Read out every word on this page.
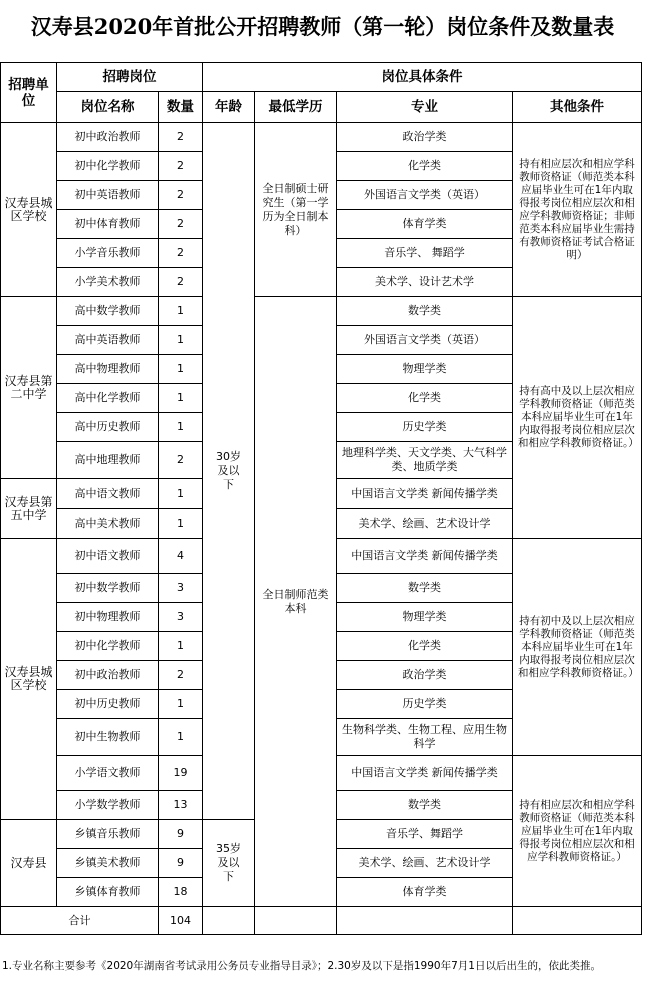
汉寿县2020年首批公开招聘教师（第一轮）岗位条件及数量表
招聘单位	招聘岗位		岗位具体条件			
	岗位名称	数量	年龄	最低学历	专业	其他条件
汉寿县城区学校	初中政治教师	2	30岁及以下	全日制硕士研究生（第一学历为全日制本科）	政治学类	持有相应层次和相应学科教师资格证（师范类本科应届毕业生可在1年内取得报考岗位相应层次和相应学科教师资格证；非师范类本科应届毕业生需持有教师资格证考试合格证明）
	初中化学教师	2			化学类	
	初中英语教师	2			外国语言文学类（英语）	
	初中体育教师	2			体育学类	
	小学音乐教师	2			音乐学、 舞蹈学	
	小学美术教师	2			美术学、设计艺术学	
汉寿县第二中学	高中数学教师	1		全日制师范类本科	数学类	持有高中及以上层次相应学科教师资格证（师范类本科应届毕业生可在1年内取得报考岗位相应层次和相应学科教师资格证。）
	高中英语教师	1			外国语言文学类（英语）	
	高中物理教师	1			物理学类	
	高中化学教师	1			化学类	
	高中历史教师	1			历史学类	
	高中地理教师	2			地理科学类、天文学类、大气科学类、地质学类	
汉寿县第五中学	高中语文教师	1			中国语言文学类 新闻传播学类	
	高中美术教师	1			美术学、绘画、艺术设计学	
汉寿县城区学校	初中语文教师	4			中国语言文学类 新闻传播学类	持有初中及以上层次相应学科教师资格证（师范类本科应届毕业生可在1年内取得报考岗位相应层次和相应学科教师资格证。）
	初中数学教师	3			数学类	
	初中物理教师	3			物理学类	
	初中化学教师	1			化学类	
	初中政治教师	2			政治学类	
	初中历史教师	1			历史学类	
	初中生物教师	1			生物科学类、生物工程、应用生物科学	
	小学语文教师	19			中国语言文学类 新闻传播学类	持有相应层次和相应学科教师资格证（师范类本科应届毕业生可在1年内取得报考岗位相应层次和相应学科教师资格证。）
	小学数学教师	13			数学类	
汉寿县	乡镇音乐教师	9	35岁及以下		音乐学、舞蹈学	
	乡镇美术教师	9			美术学、绘画、艺术设计学	
	乡镇体育教师	18			体育学类	
合计		104				
1.专业名称主要参考《2020年湖南省考试录用公务员专业指导目录》；2.30岁及以下是指1990年7月1日以后出生的，依此类推。
